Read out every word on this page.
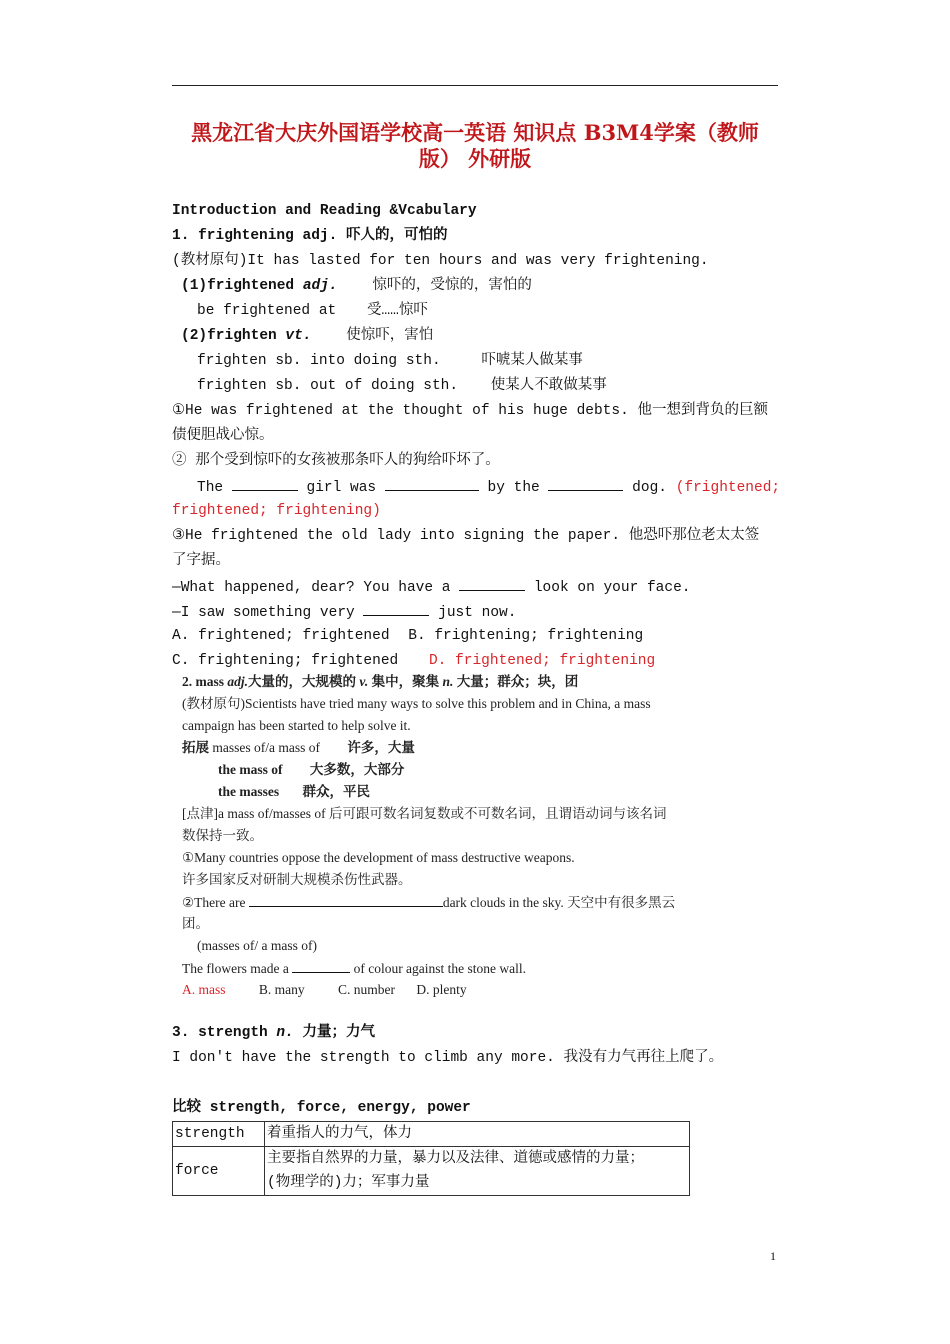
黑龙江省大庆外国语学校高一英语 知识点 B3M4学案（教师
版） 外研版
Introduction and Reading &Vcabulary
1. frightening adj. 吓人的，可怕的
(教材原句)It has lasted for ten hours and was very frightening.
(1)frightened adj. 惊吓的，受惊的，害怕的
be frightened at 受……惊吓
(2)frighten vt. 使惊吓，害怕
frighten sb. into doing sth.	吓唬某人做某事
frighten sb. out of doing sth. 使某人不敢做某事
①He was frightened at the thought of his huge debts. 他一想到背负的巨额
债便胆战心惊。
② 那个受到惊吓的女孩被那条吓人的狗给吓坏了。
The	girl was	by the	dog. (frightened;
frightened; frightening)
③He frightened the old lady into signing the paper. 他恐吓那位老太太签
了字据。
—What happened, dear? You have a	look on your face.
—I saw something very	just now.
A. frightened; frightened B. frightening; frightening
C. frightening; frightened D. frightened; frightening
2. mass adj.大量的，大规模的 v. 集中，聚集 n. 大量；群众；块，团
(教材原句)Scientists have tried many ways to solve this problem and in China, a mass
campaign has been started to help solve it.
拓展 masses of/a mass of 许多，大量
the mass of 大多数，大部分
the masses 群众，平民
[点津]a mass of/masses of 后可跟可数名词复数或不可数名词，且谓语动词与该名词
数保持一致。
①Many countries oppose the development of mass destructive weapons.
许多国家反对研制大规模杀伤性武器。
②There are	dark clouds in the sky. 天空中有很多黑云
团。
(masses of/ a mass of)
The flowers made a	of colour against the stone wall.
A. mass B. many C. number D. plenty
3. strength n. 力量；力气
I don't have the strength to climb any more. 我没有力气再往上爬了。
比较 strength, force, energy, power
strength	着重指人的力气，体力
force	主要指自然界的力量，暴力以及法律、道德或感情的力量；
(物理学的)力；军事力量
1
